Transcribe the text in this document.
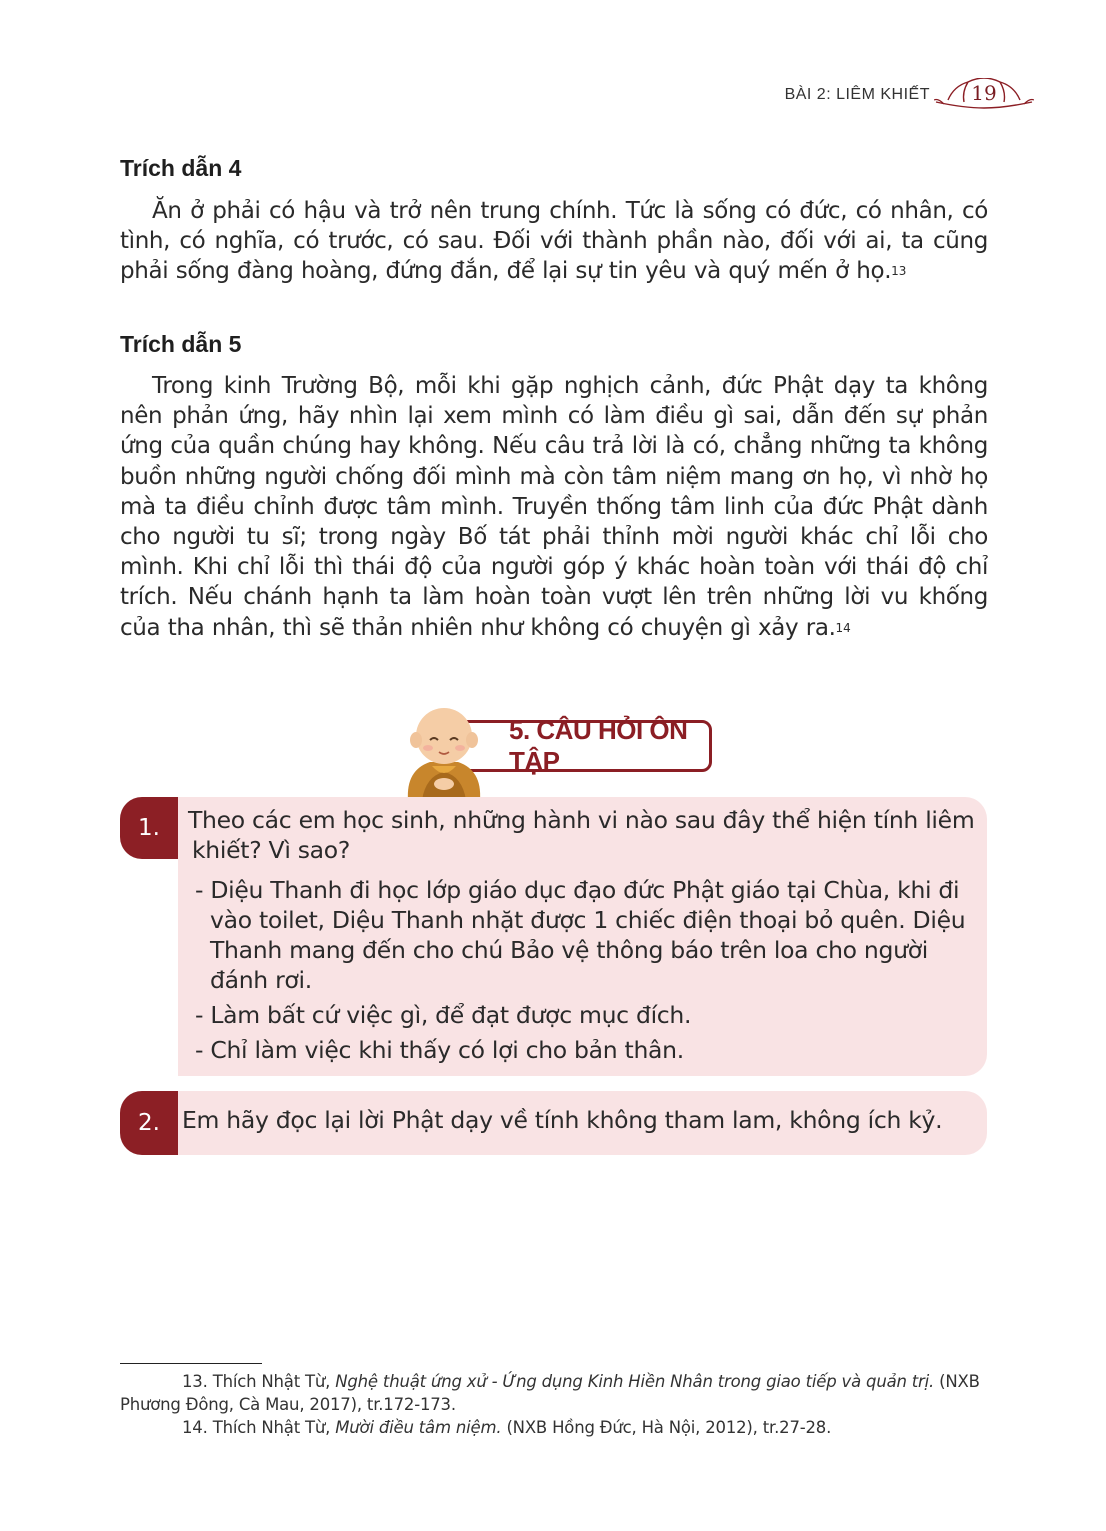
BÀI 2: LIÊM KHIẾT 19
Trích dẫn 4

Ăn ở phải có hậu và trở nên trung chính. Tức là sống có đức, có nhân, có tình, có nghĩa, có trước, có sau. Đối với thành phần nào, đối với ai, ta cũng phải sống đàng hoàng, đứng đắn, để lại sự tin yêu và quý mến ở họ.$^{13}$

Trích dẫn 5

Trong kinh Trường Bộ, mỗi khi gặp nghịch cảnh, đức Phật dạy ta không nên phản ứng, hãy nhìn lại xem mình có làm điều gì sai, dẫn đến sự phản ứng của quần chúng hay không. Nếu câu trả lời là có, chẳng những ta không buồn những người chống đối mình mà còn tâm niệm mang ơn họ, vì nhờ họ mà ta điều chỉnh được tâm mình. Truyền thống tâm linh của đức Phật dành cho người tu sĩ; trong ngày Bố tát phải thỉnh mời người khác chỉ lỗi cho mình. Khi chỉ lỗi thì thái độ của người góp ý khác hoàn toàn với thái độ chỉ trích. Nếu chánh hạnh ta làm hoàn toàn vượt lên trên những lời vu khống của tha nhân, thì sẽ thản nhiên như không có chuyện gì xảy ra.$^{14}$

5. CÂU HỎI ÔN TẬP
1.	Theo các em học sinh, những hành vi nào sau đây thể hiện tính liêm
khiết? Vì sao?
- Diệu Thanh đi học lớp giáo dục đạo đức Phật giáo tại Chùa, khi đi vào toilet, Diệu Thanh nhặt được 1 chiếc điện thoại bỏ quên. Diệu Thanh mang đến cho chú Bảo vệ thông báo trên loa cho người đánh rơi.
- Làm bất cứ việc gì, để đạt được mục đích.
- Chỉ làm việc khi thấy có lợi cho bản thân.
2. Em hãy đọc lại lời Phật dạy về tính không tham lam, không ích kỷ.

13. Thích Nhật Từ, Nghệ thuật ứng xử - Ứng dụng Kinh Hiền Nhân trong giao tiếp và quản trị. (NXB Phương Đông, Cà Mau, 2017), tr.172-173.

14. Thích Nhật Từ, Mười điều tâm niệm. (NXB Hồng Đức, Hà Nội, 2012), tr.27-28.
